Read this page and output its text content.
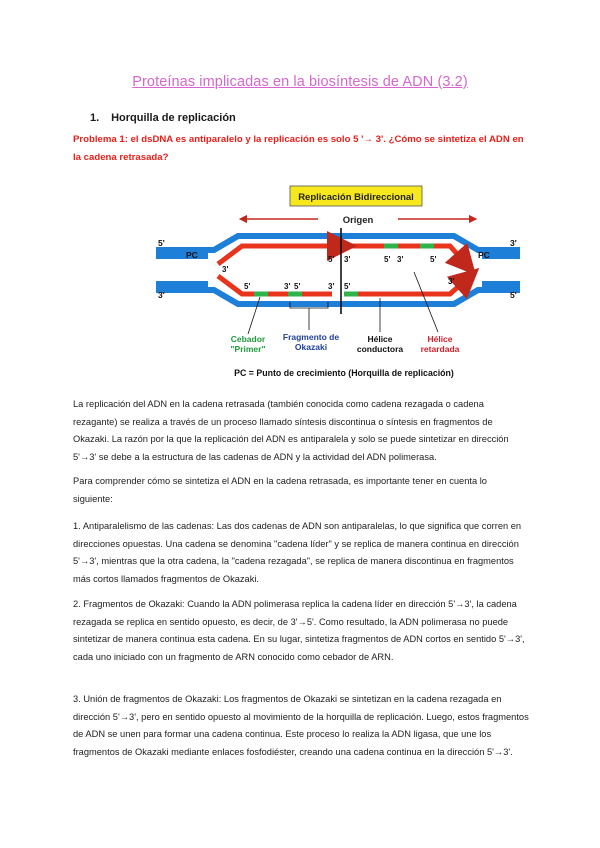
Proteínas implicadas en la biosíntesis de ADN (3.2)
1. Horquilla de replicación
Problema 1: el dsDNA es antiparalelo y la replicación es solo 5 '→ 3'. ¿Cómo se sintetiza el ADN en la cadena retrasada?
Replicación Bidireccional
Origen
5'
3'
PC	PC
3'
5'
3'
3'
5' 3'	5' 3'	5'
5'	3' 5'	3' 5'
Cebador
"Primer"
Fragmento de
Okazaki
Hélice
conductora
Hélice
retardada
PC = Punto de crecimiento (Horquilla de replicación)
La replicación del ADN en la cadena retrasada (también conocida como cadena rezagada o cadena rezagante) se realiza a través de un proceso llamado síntesis discontinua o síntesis en fragmentos de Okazaki. La razón por la que la replicación del ADN es antiparalela y solo se puede sintetizar en dirección 5'→3' se debe a la estructura de las cadenas de ADN y la actividad del ADN polimerasa.
Para comprender cómo se sintetiza el ADN en la cadena retrasada, es importante tener en cuenta lo siguiente:
1. Antiparalelismo de las cadenas: Las dos cadenas de ADN son antiparalelas, lo que significa que corren en direcciones opuestas. Una cadena se denomina "cadena líder" y se replica de manera continua en dirección 5'→3', mientras que la otra cadena, la "cadena rezagada", se replica de manera discontinua en fragmentos más cortos llamados fragmentos de Okazaki.
2. Fragmentos de Okazaki: Cuando la ADN polimerasa replica la cadena líder en dirección 5'→3', la cadena rezagada se replica en sentido opuesto, es decir, de 3'→5'. Como resultado, la ADN polimerasa no puede sintetizar de manera continua esta cadena. En su lugar, sintetiza fragmentos de ADN cortos en sentido 5'→3', cada uno iniciado con un fragmento de ARN conocido como cebador de ARN.
3. Unión de fragmentos de Okazaki: Los fragmentos de Okazaki se sintetizan en la cadena rezagada en dirección 5'→3', pero en sentido opuesto al movimiento de la horquilla de replicación. Luego, estos fragmentos de ADN se unen para formar una cadena continua. Este proceso lo realiza la ADN ligasa, que une los fragmentos de Okazaki mediante enlaces fosfodiéster, creando una cadena continua en la dirección 5'→3'.
